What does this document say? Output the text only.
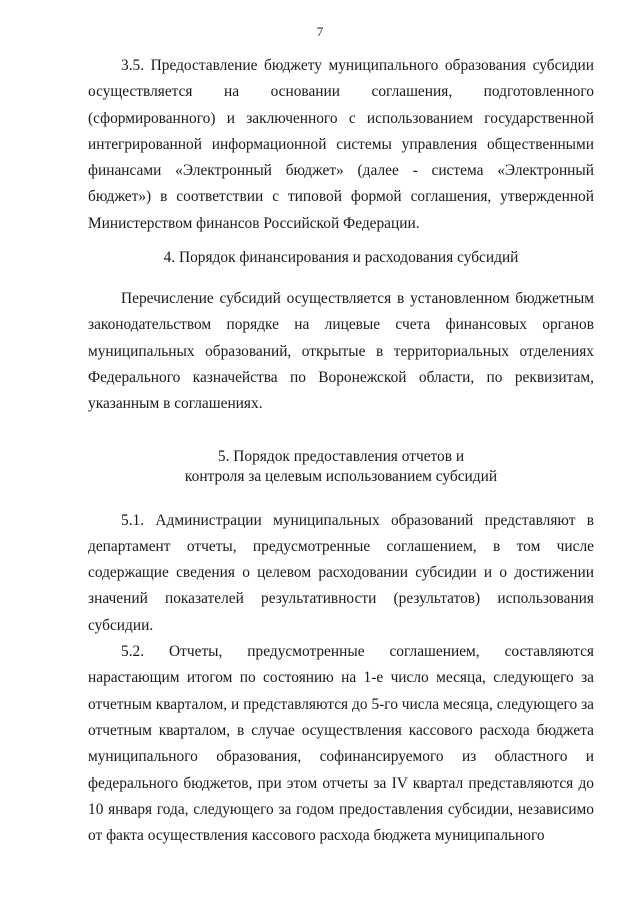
7

3.5. Предоставление бюджету муниципального образования субсидии осуществляется на основании соглашения, подготовленного (сформированного) и заключенного с использованием государственной интегрированной информационной системы управления общественными финансами «Электронный бюджет» (далее - система «Электронный бюджет») в соответствии с типовой формой соглашения, утвержденной Министерством финансов Российской Федерации.

4. Порядок финансирования и расходования субсидий

Перечисление субсидий осуществляется в установленном бюджетным законодательством порядке на лицевые счета финансовых органов муниципальных образований, открытые в территориальных отделениях Федерального казначейства по Воронежской области, по реквизитам, указанным в соглашениях.

5. Порядок предоставления отчетов и
контроля за целевым использованием субсидий

5.1. Администрации муниципальных образований представляют в департамент отчеты, предусмотренные соглашением, в том числе содержащие сведения о целевом расходовании субсидии и о достижении значений показателей результативности (результатов) использования субсидии.

5.2. Отчеты, предусмотренные соглашением, составляются нарастающим итогом по состоянию на 1-е число месяца, следующего за отчетным кварталом, и представляются до 5-го числа месяца, следующего за отчетным кварталом, в случае осуществления кассового расхода бюджета муниципального образования, софинансируемого из областного и федерального бюджетов, при этом отчеты за IV квартал представляются до 10 января года, следующего за годом предоставления субсидии, независимо от факта осуществления кассового расхода бюджета муниципального
